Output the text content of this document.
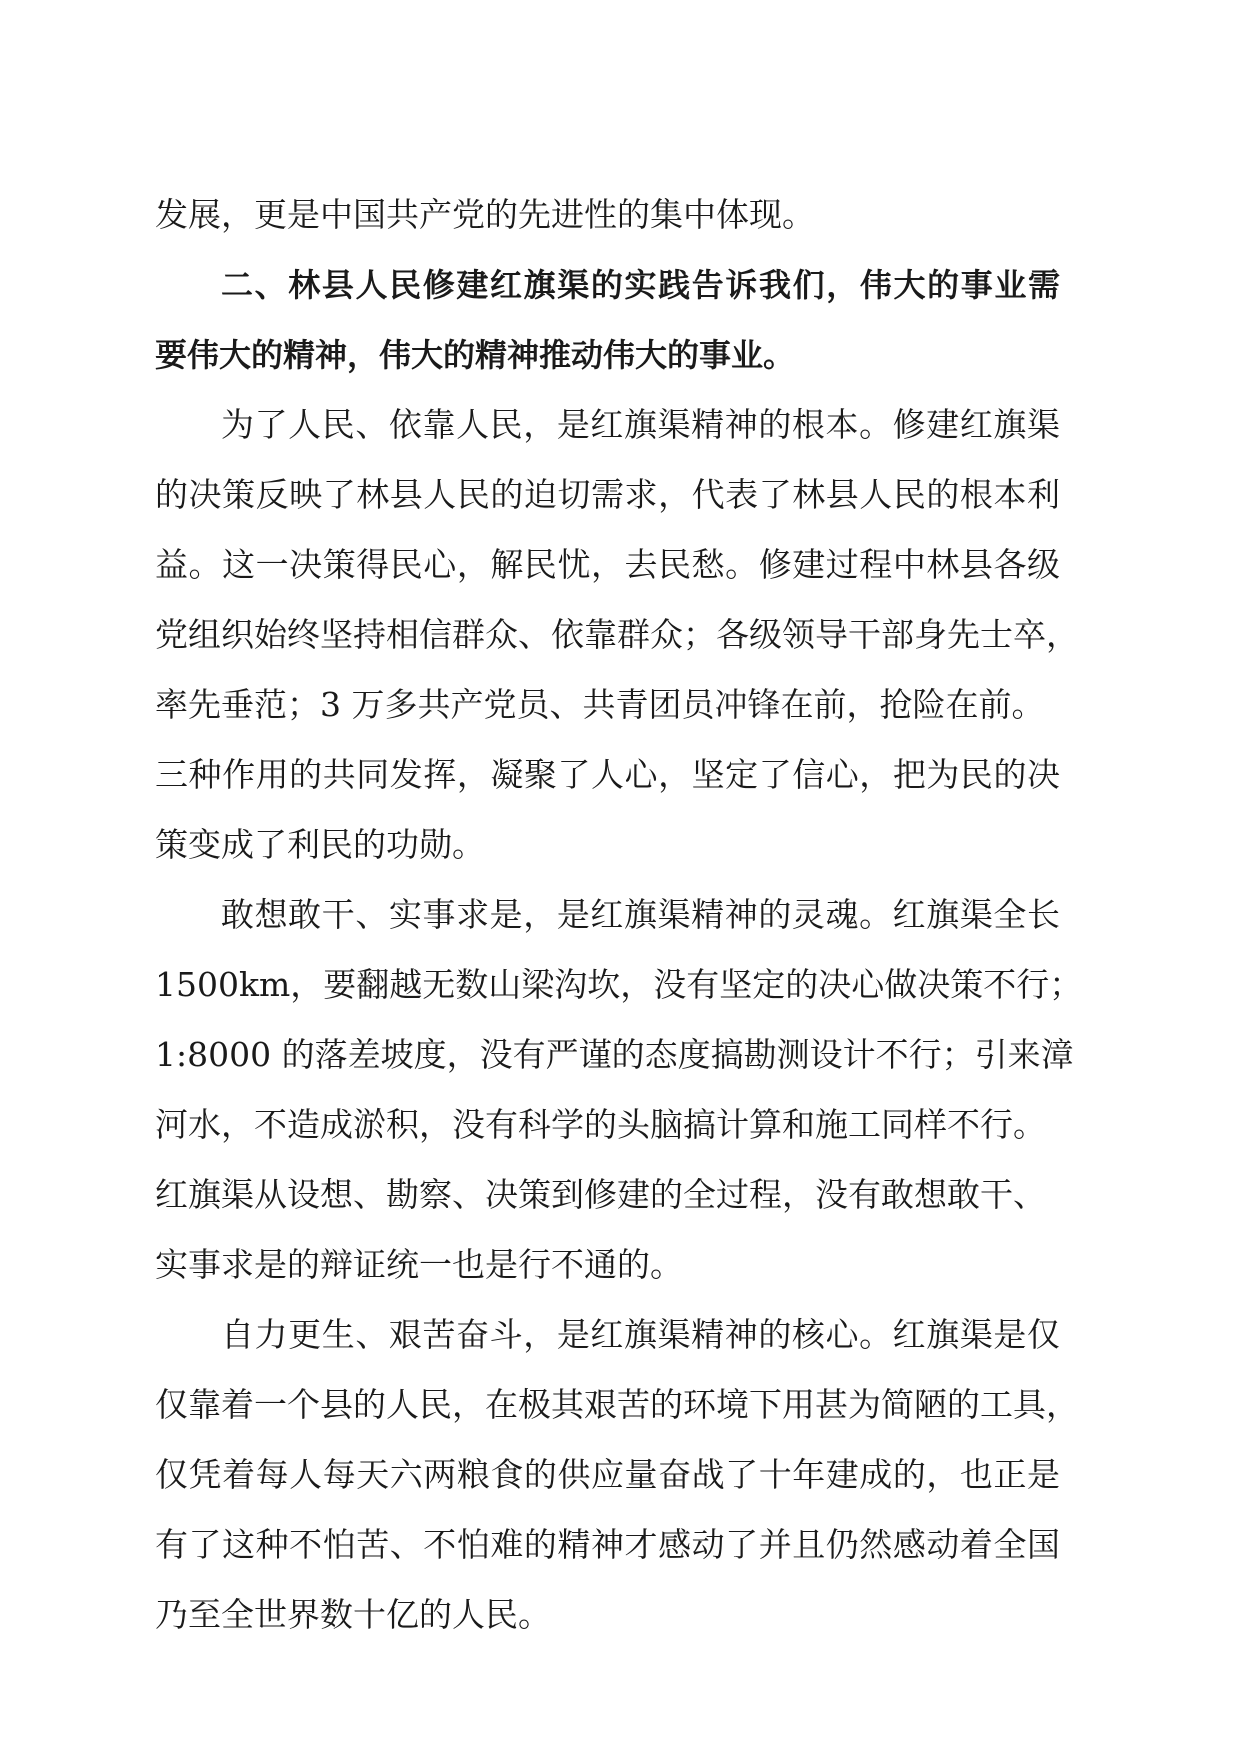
发展，更是中国共产党的先进性的集中体现。
二、林县人民修建红旗渠的实践告诉我们，伟大的事业需
要伟大的精神，伟大的精神推动伟大的事业。
为了人民、依靠人民，是红旗渠精神的根本。修建红旗渠
的决策反映了林县人民的迫切需求，代表了林县人民的根本利
益。这一决策得民心，解民忧，去民愁。修建过程中林县各级
党组织始终坚持相信群众、依靠群众；各级领导干部身先士卒，
率先垂范；3 万多共产党员、共青团员冲锋在前，抢险在前。
三种作用的共同发挥，凝聚了人心，坚定了信心，把为民的决
策变成了利民的功勋。
敢想敢干、实事求是，是红旗渠精神的灵魂。红旗渠全长
1500km，要翻越无数山梁沟坎，没有坚定的决心做决策不行；
1:8000 的落差坡度，没有严谨的态度搞勘测设计不行；引来漳
河水，不造成淤积，没有科学的头脑搞计算和施工同样不行。
红旗渠从设想、勘察、决策到修建的全过程，没有敢想敢干、
实事求是的辩证统一也是行不通的。
自力更生、艰苦奋斗，是红旗渠精神的核心。红旗渠是仅
仅靠着一个县的人民，在极其艰苦的环境下用甚为简陋的工具，
仅凭着每人每天六两粮食的供应量奋战了十年建成的，也正是
有了这种不怕苦、不怕难的精神才感动了并且仍然感动着全国
乃至全世界数十亿的人民。
